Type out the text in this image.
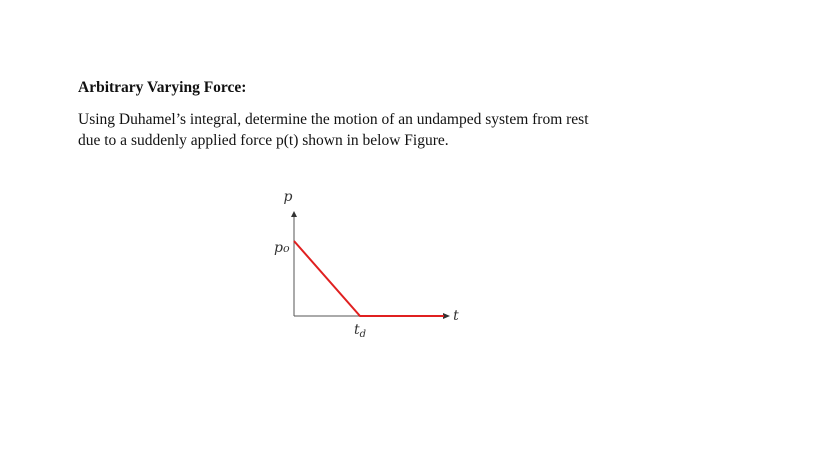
Arbitrary Varying Force:

Using Duhamel’s integral, determine the motion of an undamped system from rest
due to a suddenly applied force p(t) shown in below Figure.

p
t
po
$t_d$
